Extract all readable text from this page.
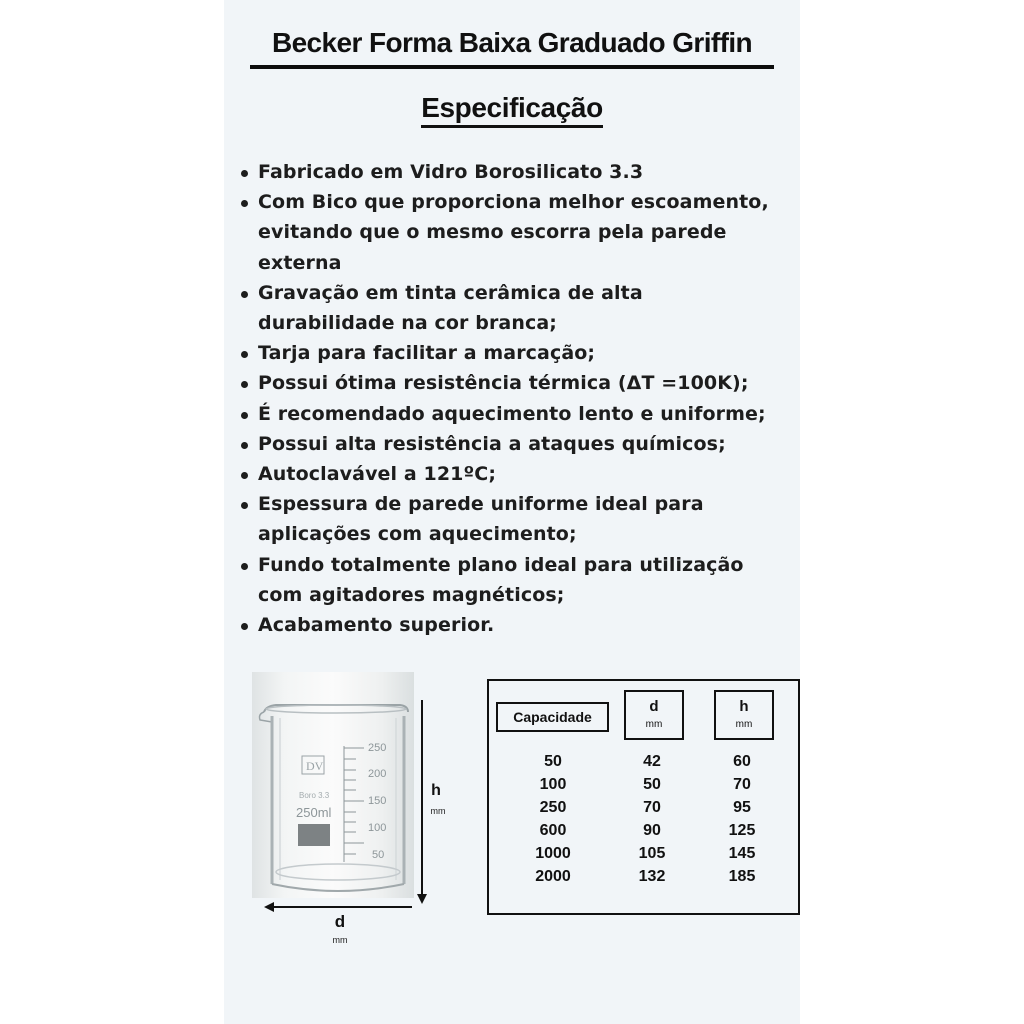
Becker Forma Baixa Graduado Griffin
Especificação
Fabricado em Vidro Borosilicato 3.3
Com Bico que proporciona melhor escoamento,
evitando que o mesmo escorra pela parede
externa
Gravação em tinta cerâmica de alta
durabilidade na cor branca;
Tarja para facilitar a marcação;
Possui ótima resistência térmica (ΔT =100K);
É recomendado aquecimento lento e uniforme;
Possui alta resistência a ataques químicos;
Autoclavável a 121ºC;
Espessura de parede uniforme ideal para
aplicações com aquecimento;
Fundo totalmente plano ideal para utilização
com agitadores magnéticos;
Acabamento superior.
250
200
150
100
50
DV
Boro 3.3
250ml
h
mm
d
mm
Capacidade
d
mm
h
mm
50	42	60
100	50	70
250	70	95
600	90	125
1000	105	145
2000	132	185
